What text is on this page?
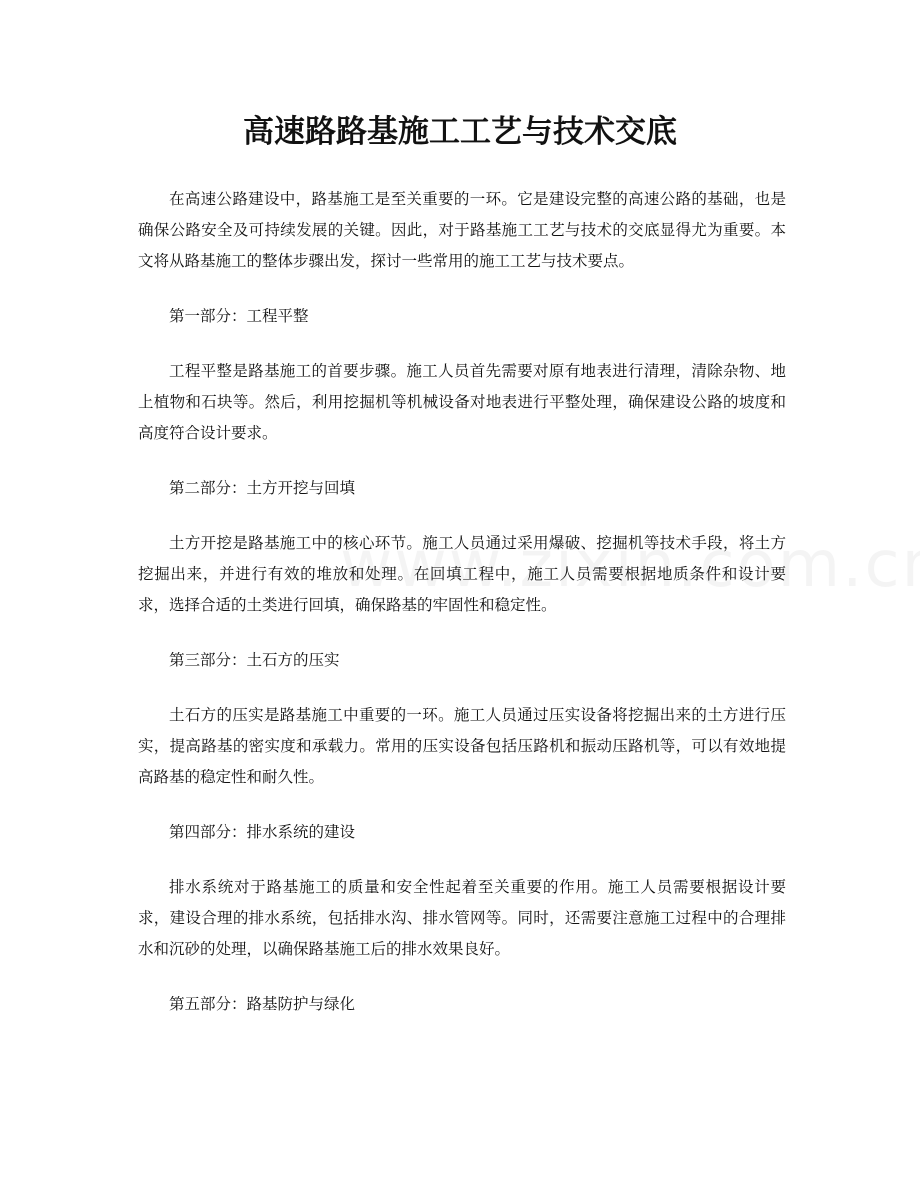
高速路路基施工工艺与技术交底

在高速公路建设中，路基施工是至关重要的一环。它是建设完整的高速公路的基础，也是确保公路安全及可持续发展的关键。因此，对于路基施工工艺与技术的交底显得尤为重要。本文将从路基施工的整体步骤出发，探讨一些常用的施工工艺与技术要点。

第一部分：工程平整

工程平整是路基施工的首要步骤。施工人员首先需要对原有地表进行清理，清除杂物、地上植物和石块等。然后，利用挖掘机等机械设备对地表进行平整处理，确保建设公路的坡度和高度符合设计要求。

第二部分：土方开挖与回填

土方开挖是路基施工中的核心环节。施工人员通过采用爆破、挖掘机等技术手段，将土方挖掘出来，并进行有效的堆放和处理。在回填工程中，施工人员需要根据地质条件和设计要求，选择合适的土类进行回填，确保路基的牢固性和稳定性。

第三部分：土石方的压实

土石方的压实是路基施工中重要的一环。施工人员通过压实设备将挖掘出来的土方进行压实，提高路基的密实度和承载力。常用的压实设备包括压路机和振动压路机等，可以有效地提高路基的稳定性和耐久性。

第四部分：排水系统的建设

排水系统对于路基施工的质量和安全性起着至关重要的作用。施工人员需要根据设计要求，建设合理的排水系统，包括排水沟、排水管网等。同时，还需要注意施工过程中的合理排水和沉砂的处理，以确保路基施工后的排水效果良好。

第五部分：路基防护与绿化
